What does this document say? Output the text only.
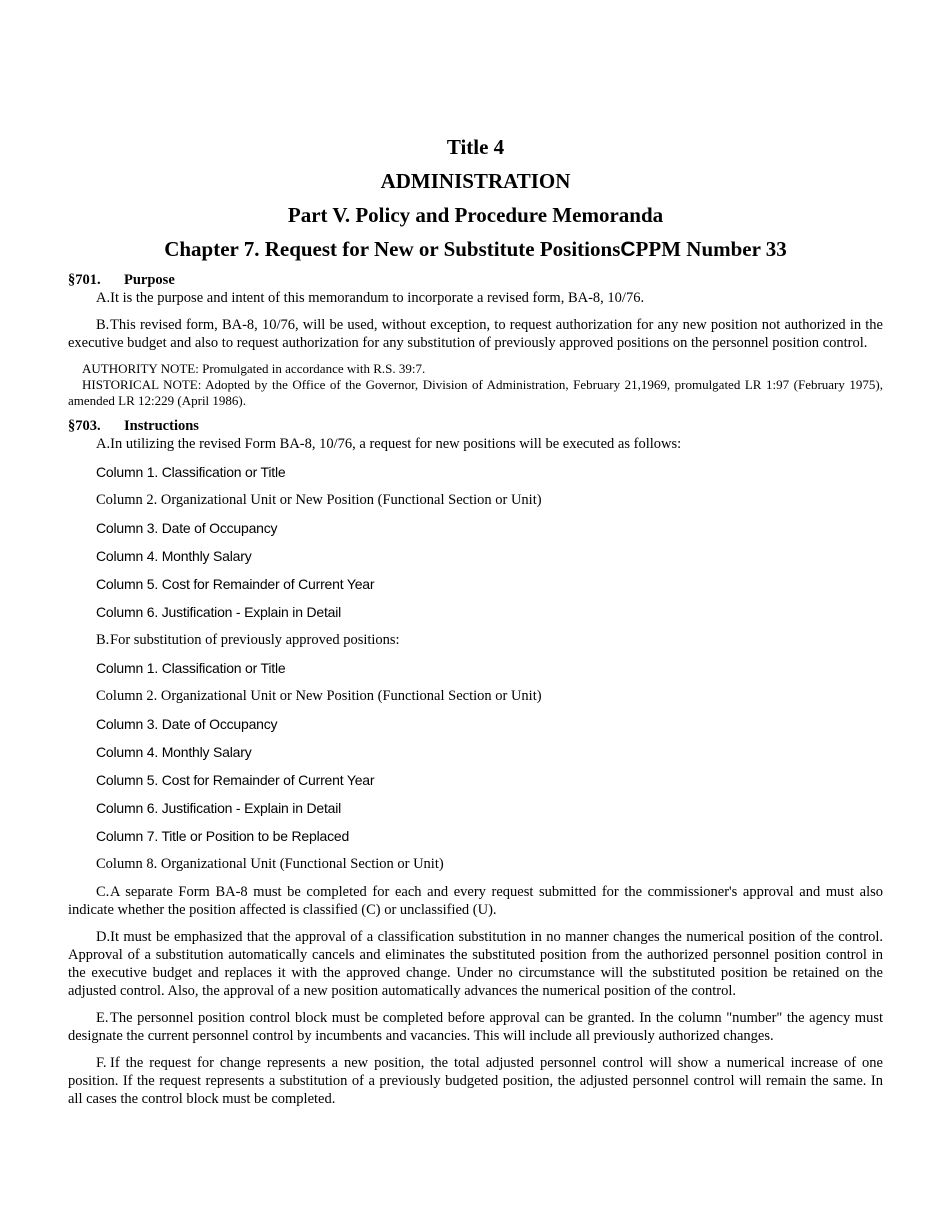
Title 4
ADMINISTRATION
Part V. Policy and Procedure Memoranda
Chapter 7. Request for New or Substitute PositionsCPPM Number 33
§701. Purpose

A.It is the purpose and intent of this memorandum to incorporate a revised form, BA-8, 10/76.

B.This revised form, BA-8, 10/76, will be used, without exception, to request authorization for any new position not authorized in the executive budget and also to request authorization for any substitution of previously approved positions on the personnel position control.

AUTHORITY NOTE: Promulgated in accordance with R.S. 39:7.

HISTORICAL NOTE: Adopted by the Office of the Governor, Division of Administration, February 21,1969, promulgated LR 1:97 (February 1975), amended LR 12:229 (April 1986).

§703. Instructions

A.In utilizing the revised Form BA-8, 10/76, a request for new positions will be executed as follows:

Column 1. Classification or Title
Column 2. Organizational Unit or New Position (Functional Section or Unit)
Column 3. Date of Occupancy
Column 4. Monthly Salary
Column 5. Cost for Remainder of Current Year
Column 6. Justification - Explain in Detail

B.For substitution of previously approved positions:

Column 1. Classification or Title
Column 2. Organizational Unit or New Position (Functional Section or Unit)
Column 3. Date of Occupancy
Column 4. Monthly Salary
Column 5. Cost for Remainder of Current Year
Column 6. Justification - Explain in Detail
Column 7. Title or Position to be Replaced
Column 8. Organizational Unit (Functional Section or Unit)

C.A separate Form BA-8 must be completed for each and every request submitted for the commissioner's approval and must also indicate whether the position affected is classified (C) or unclassified (U).

D.It must be emphasized that the approval of a classification substitution in no manner changes the numerical position of the control. Approval of a substitution automatically cancels and eliminates the substituted position from the authorized personnel position control in the executive budget and replaces it with the approved change. Under no circumstance will the substituted position be retained on the adjusted control. Also, the approval of a new position automatically advances the numerical position of the control.

E. The personnel position control block must be completed before approval can be granted. In the column "number" the agency must designate the current personnel control by incumbents and vacancies. This will include all previously authorized changes.

F. If the request for change represents a new position, the total adjusted personnel control will show a numerical increase of one position. If the request represents a substitution of a previously budgeted position, the adjusted personnel control will remain the same. In all cases the control block must be completed.
